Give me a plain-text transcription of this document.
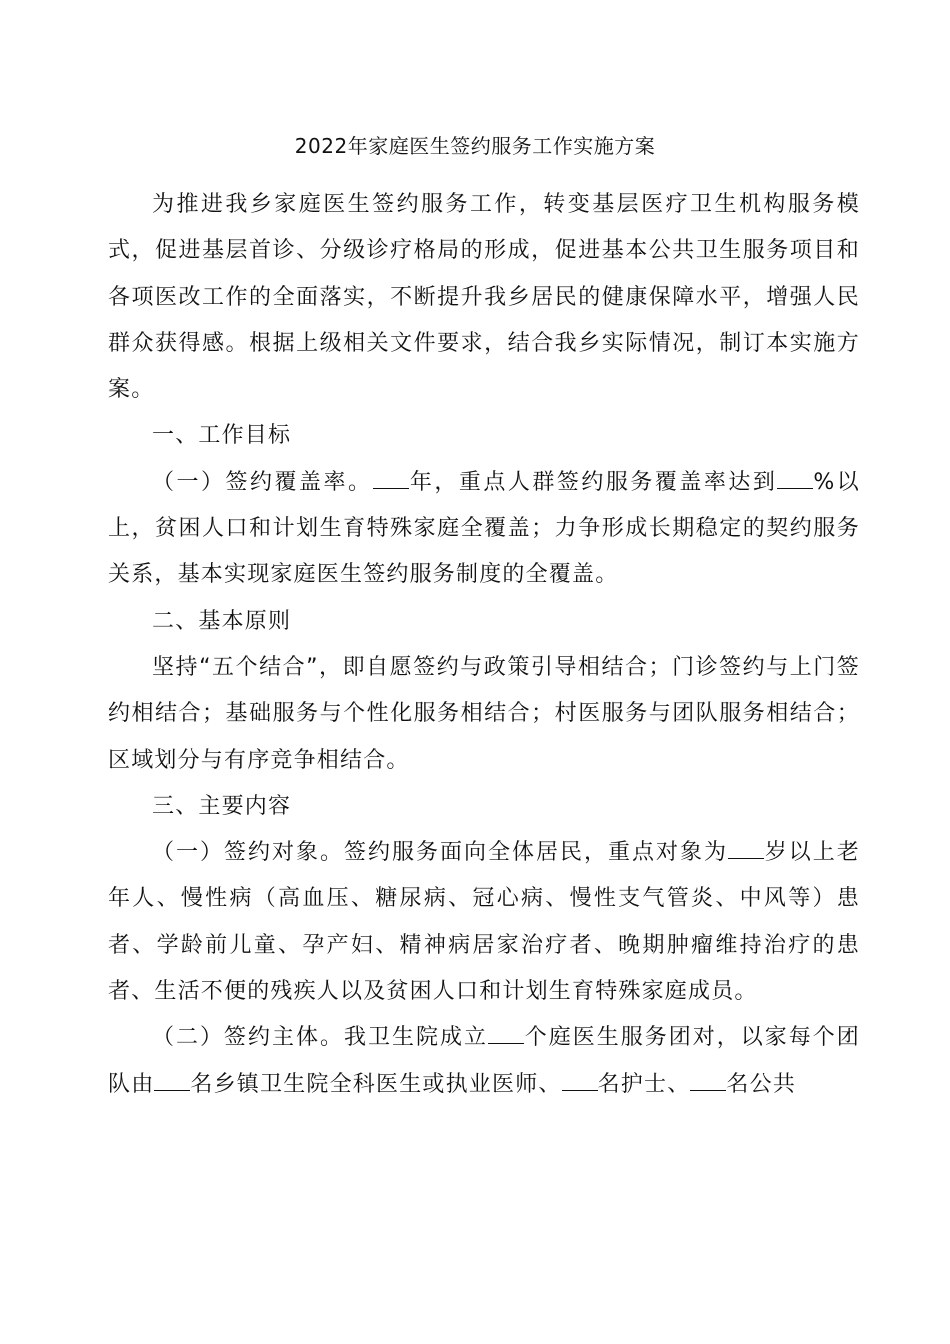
2022年家庭医生签约服务工作实施方案

为推进我乡家庭医生签约服务工作，转变基层医疗卫生机构服务模式，促进基层首诊、分级诊疗格局的形成，促进基本公共卫生服务项目和各项医改工作的全面落实，不断提升我乡居民的健康保障水平，增强人民群众获得感。根据上级相关文件要求，结合我乡实际情况，制订本实施方案。

一、工作目标

（一）签约覆盖率。 年，重点人群签约服务覆盖率达到 %以上，贫困人口和计划生育特殊家庭全覆盖；力争形成长期稳定的契约服务关系，基本实现家庭医生签约服务制度的全覆盖。

二、基本原则

坚持“五个结合”，即自愿签约与政策引导相结合；门诊签约与上门签约相结合；基础服务与个性化服务相结合；村医服务与团队服务相结合；区域划分与有序竞争相结合。

三、主要内容

（一）签约对象。签约服务面向全体居民，重点对象为 岁以上老年人、慢性病（高血压、糖尿病、冠心病、慢性支气管炎、中风等）患者、学龄前儿童、孕产妇、精神病居家治疗者、晚期肿瘤维持治疗的患者、生活不便的残疾人以及贫困人口和计划生育特殊家庭成员。

（二）签约主体。我卫生院成立 个庭医生服务团对，以家每个团队由 名乡镇卫生院全科医生或执业医师、 名护士、 名公共
